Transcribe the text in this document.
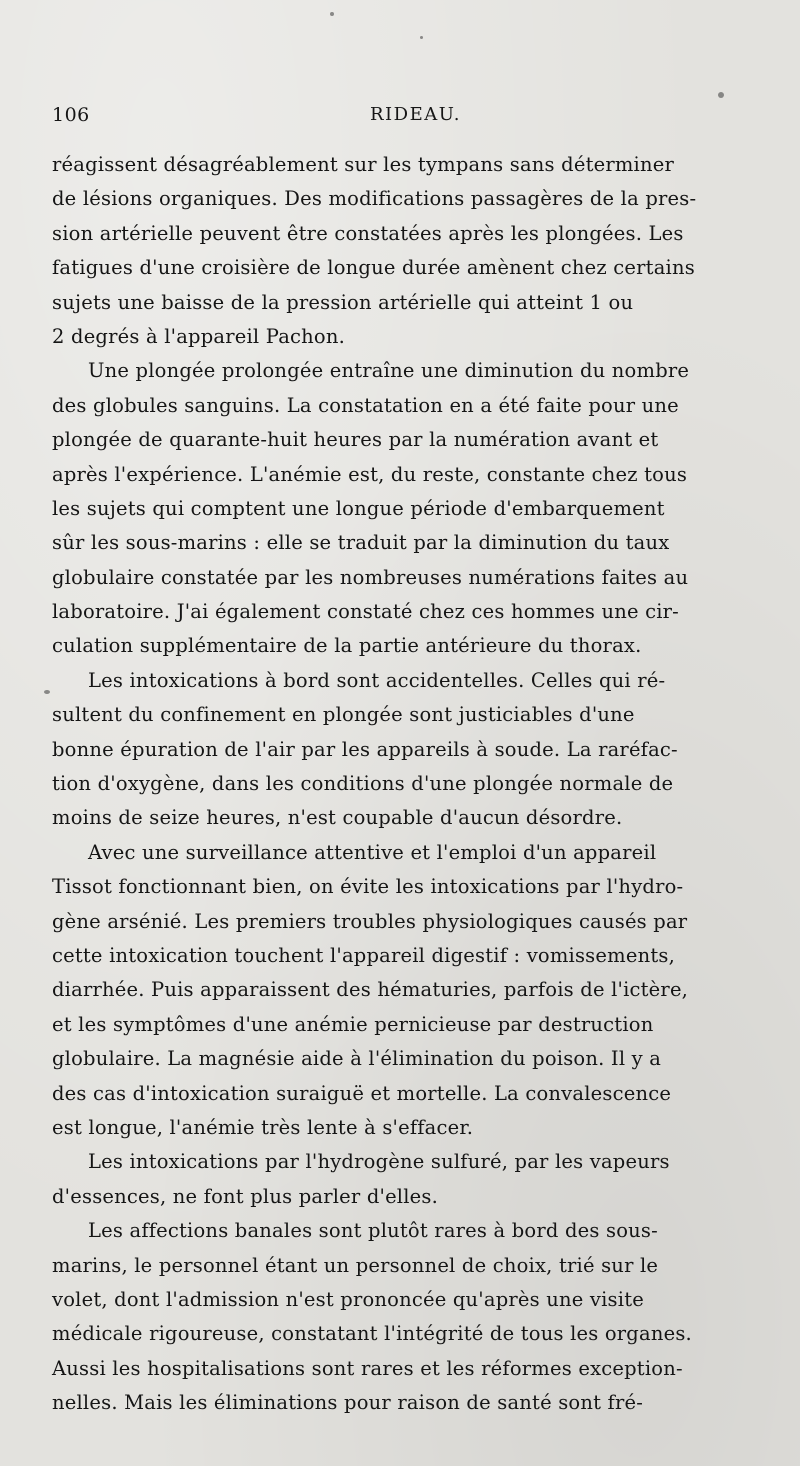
106	RIDEAU.
réagissent désagréablement sur les tympans sans déterminer
de lésions organiques. Des modifications passagères de la pres-
sion artérielle peuvent être constatées après les plongées. Les
fatigues d'une croisière de longue durée amènent chez certains
sujets une baisse de la pression artérielle qui atteint 1 ou
2 degrés à l'appareil Pachon.
Une plongée prolongée entraîne une diminution du nombre
des globules sanguins. La constatation en a été faite pour une
plongée de quarante-huit heures par la numération avant et
après l'expérience. L'anémie est, du reste, constante chez tous
les sujets qui comptent une longue période d'embarquement
sûr les sous-marins : elle se traduit par la diminution du taux
globulaire constatée par les nombreuses numérations faites au
laboratoire. J'ai également constaté chez ces hommes une cir-
culation supplémentaire de la partie antérieure du thorax.
Les intoxications à bord sont accidentelles. Celles qui ré-
sultent du confinement en plongée sont justiciables d'une
bonne épuration de l'air par les appareils à soude. La raréfac-
tion d'oxygène, dans les conditions d'une plongée normale de
moins de seize heures, n'est coupable d'aucun désordre.
Avec une surveillance attentive et l'emploi d'un appareil
Tissot fonctionnant bien, on évite les intoxications par l'hydro-
gène arsénié. Les premiers troubles physiologiques causés par
cette intoxication touchent l'appareil digestif : vomissements,
diarrhée. Puis apparaissent des hématuries, parfois de l'ictère,
et les symptômes d'une anémie pernicieuse par destruction
globulaire. La magnésie aide à l'élimination du poison. Il y a
des cas d'intoxication suraiguë et mortelle. La convalescence
est longue, l'anémie très lente à s'effacer.
Les intoxications par l'hydrogène sulfuré, par les vapeurs
d'essences, ne font plus parler d'elles.
Les affections banales sont plutôt rares à bord des sous-
marins, le personnel étant un personnel de choix, trié sur le
volet, dont l'admission n'est prononcée qu'après une visite
médicale rigoureuse, constatant l'intégrité de tous les organes.
Aussi les hospitalisations sont rares et les réformes exception-
nelles. Mais les éliminations pour raison de santé sont fré-
